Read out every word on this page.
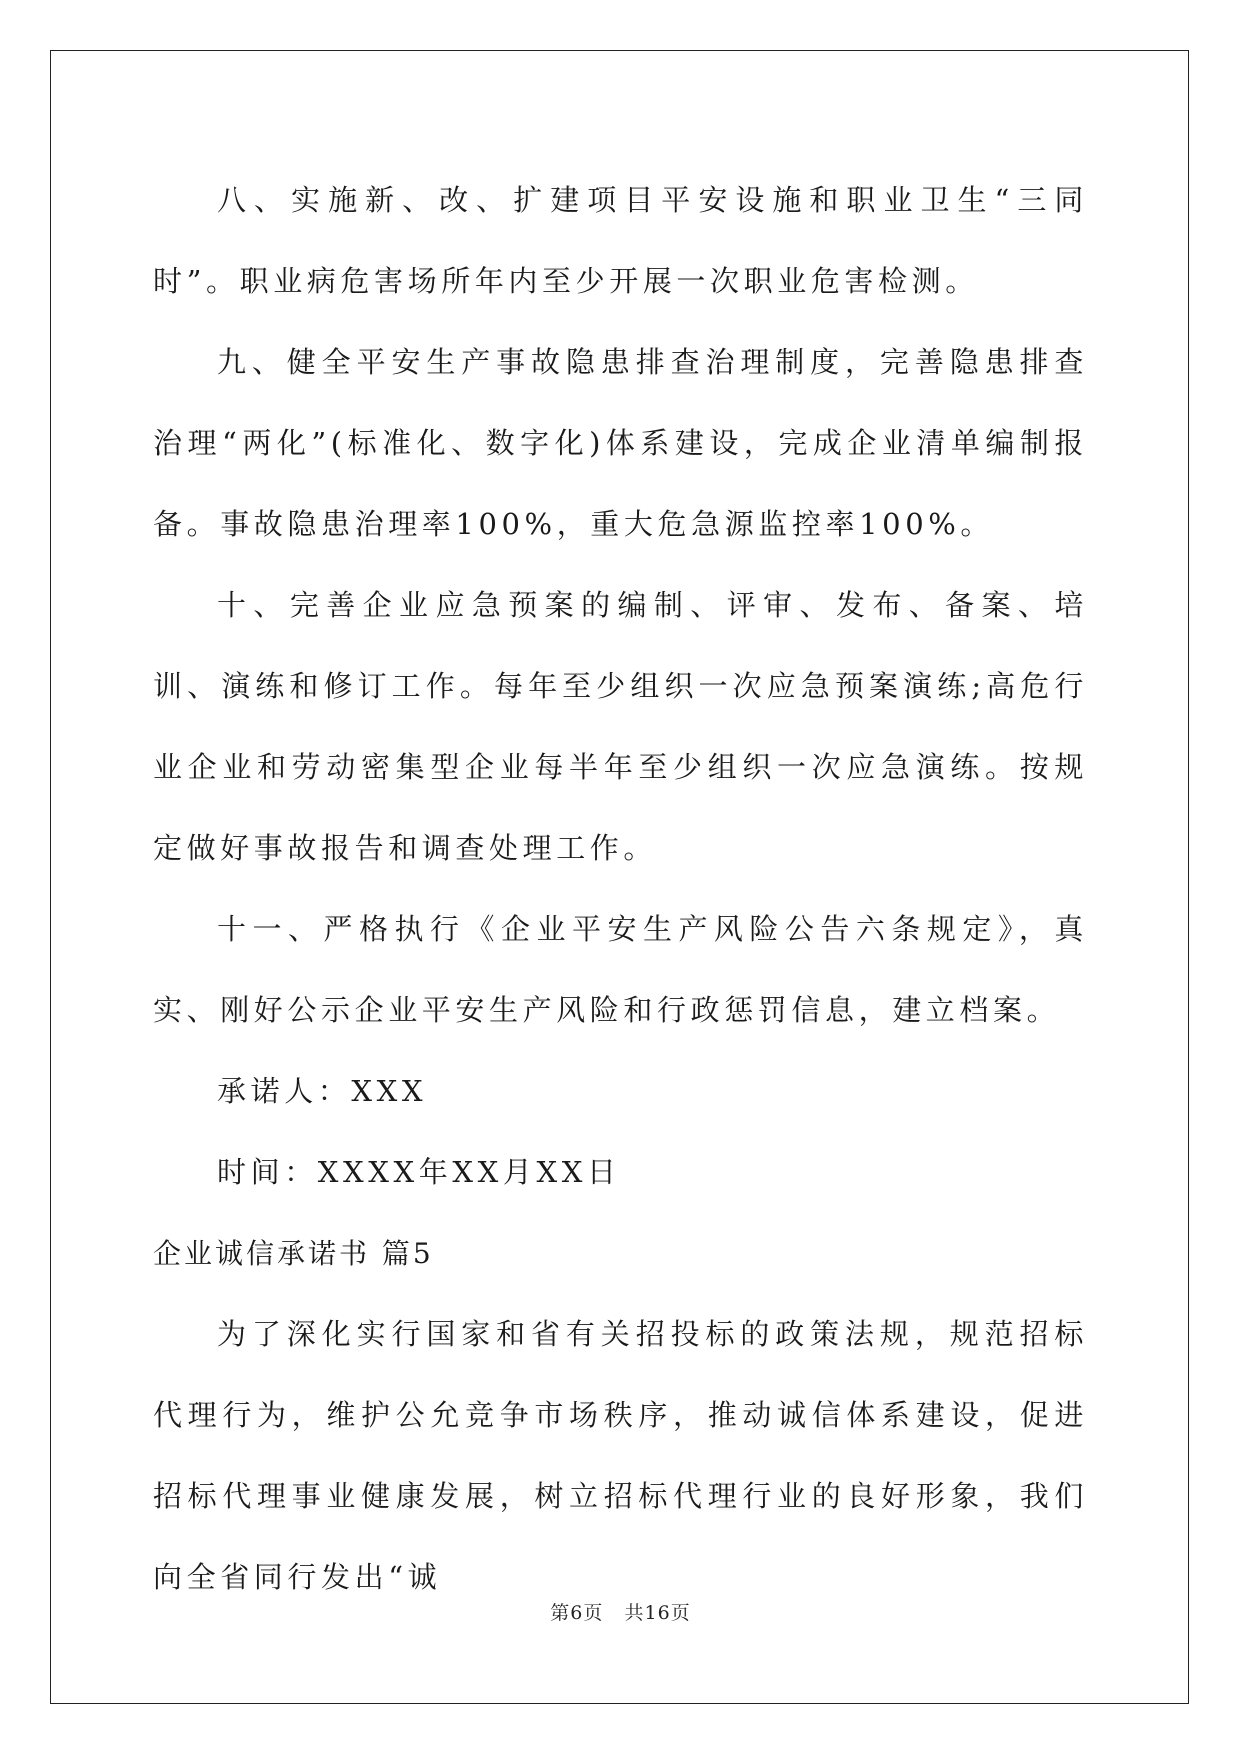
八、实施新、改、扩建项目平安设施和职业卫生“三同时”。职业病危害场所年内至少开展一次职业危害检测。

九、健全平安生产事故隐患排查治理制度，完善隐患排查治理“两化”(标准化、数字化)体系建设，完成企业清单编制报备。事故隐患治理率100%，重大危急源监控率100%。

十、完善企业应急预案的编制、评审、发布、备案、培训、演练和修订工作。每年至少组织一次应急预案演练;高危行业企业和劳动密集型企业每半年至少组织一次应急演练。按规定做好事故报告和调查处理工作。

十一、严格执行《企业平安生产风险公告六条规定》，真实、刚好公示企业平安生产风险和行政惩罚信息，建立档案。

承诺人：XXX

时间：XXXX年XX月XX日

企业诚信承诺书 篇5

为了深化实行国家和省有关招投标的政策法规，规范招标代理行为，维护公允竞争市场秩序，推动诚信体系建设，促进招标代理事业健康发展，树立招标代理行业的良好形象，我们向全省同行发出“诚

第6页 共16页
